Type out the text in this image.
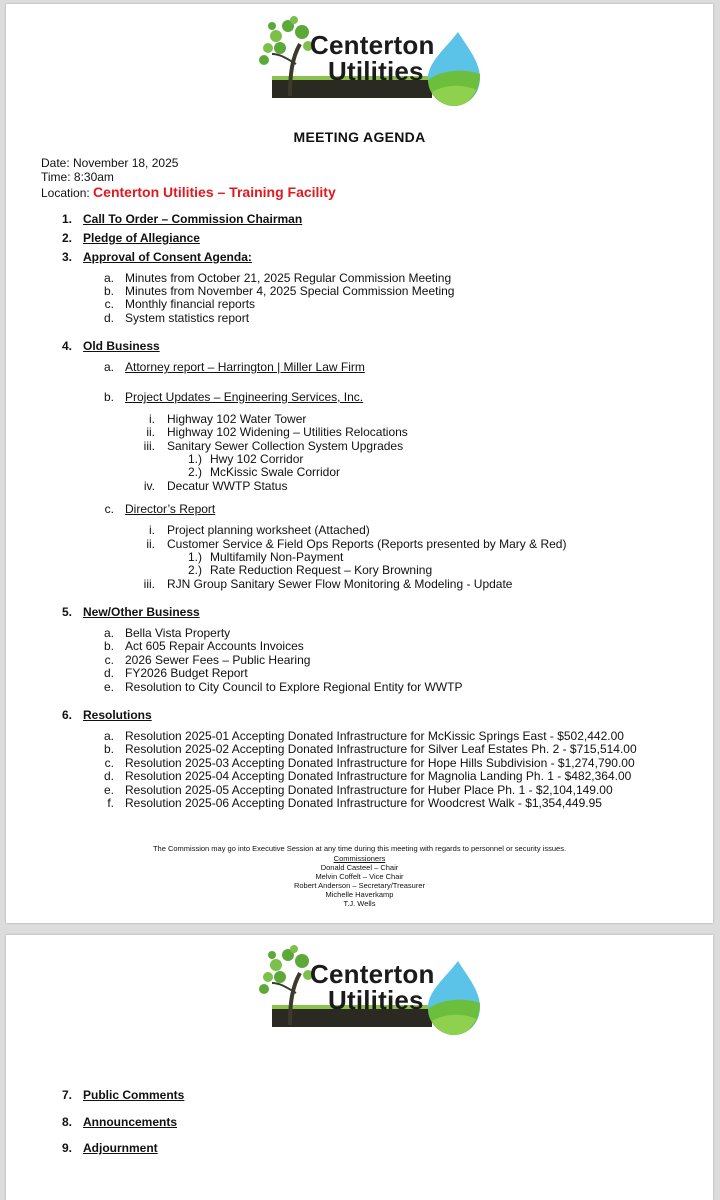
Centerton
Utilities
MEETING AGENDA
Date: November 18, 2025
Time: 8:30am
Location: Centerton Utilities – Training Facility
1. Call To Order – Commission Chairman
2. Pledge of Allegiance
3. Approval of Consent Agenda:
a. Minutes from October 21, 2025 Regular Commission Meeting
b. Minutes from November 4, 2025 Special Commission Meeting
c. Monthly financial reports
d. System statistics report
4. Old Business
a. Attorney report – Harrington | Miller Law Firm
b. Project Updates – Engineering Services, Inc.
i. Highway 102 Water Tower
ii. Highway 102 Widening – Utilities Relocations
iii. Sanitary Sewer Collection System Upgrades
1.) Hwy 102 Corridor
2.) McKissic Swale Corridor
iv. Decatur WWTP Status
c. Director’s Report
i. Project planning worksheet (Attached)
ii. Customer Service & Field Ops Reports (Reports presented by Mary & Red)
1.) Multifamily Non-Payment
2.) Rate Reduction Request – Kory Browning
iii. RJN Group Sanitary Sewer Flow Monitoring & Modeling - Update
5. New/Other Business
a. Bella Vista Property
b. Act 605 Repair Accounts Invoices
c. 2026 Sewer Fees – Public Hearing
d. FY2026 Budget Report
e. Resolution to City Council to Explore Regional Entity for WWTP
6. Resolutions
a. Resolution 2025-01 Accepting Donated Infrastructure for McKissic Springs East - $502,442.00
b. Resolution 2025-02 Accepting Donated Infrastructure for Silver Leaf Estates Ph. 2 - $715,514.00
c. Resolution 2025-03 Accepting Donated Infrastructure for Hope Hills Subdivision - $1,274,790.00
d. Resolution 2025-04 Accepting Donated Infrastructure for Magnolia Landing Ph. 1 - $482,364.00
e. Resolution 2025-05 Accepting Donated Infrastructure for Huber Place Ph. 1 - $2,104,149.00
f. Resolution 2025-06 Accepting Donated Infrastructure for Woodcrest Walk - $1,354,449.95
The Commission may go into Executive Session at any time during this meeting with regards to personnel or security issues.
Commissioners
Donald Casteel – Chair
Melvin Coffelt – Vice Chair
Robert Anderson – Secretary/Treasurer
Michelle Haverkamp
T.J. Wells
Centerton
Utilities
7. Public Comments
8. Announcements
9. Adjournment
